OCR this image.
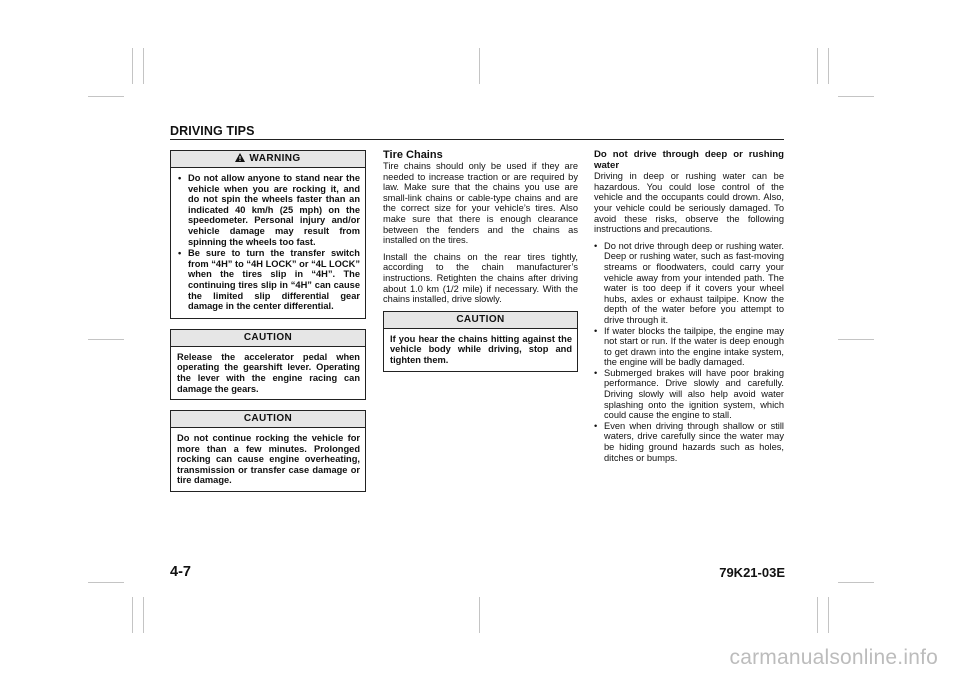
DRIVING TIPS
WARNING
• Do not allow anyone to stand near the vehicle when you are rocking it, and do not spin the wheels faster than an indicated 40 km/h (25 mph) on the speedometer. Personal injury and/or vehicle damage may result from spinning the wheels too fast.
• Be sure to turn the transfer switch from “4H” to “4H LOCK” or “4L LOCK” when the tires slip in “4H”. The continuing tires slip in “4H” can cause the limited slip differential gear damage in the center differential.
CAUTION
Release the accelerator pedal when operating the gearshift lever. Operating the lever with the engine racing can damage the gears.
CAUTION
Do not continue rocking the vehicle for more than a few minutes. Prolonged rocking can cause engine overheating, transmission or transfer case damage or tire damage.
Tire Chains

Tire chains should only be used if they are needed to increase traction or are required by law. Make sure that the chains you use are small-link chains or cable-type chains and are the correct size for your vehicle’s tires. Also make sure that there is enough clearance between the fenders and the chains as installed on the tires.

Install the chains on the rear tires tightly, according to the chain manufacturer’s instructions. Retighten the chains after driving about 1.0 km (1/2 mile) if necessary. With the chains installed, drive slowly.

CAUTION
If you hear the chains hitting against the vehicle body while driving, stop and tighten them.
Do not drive through deep or rushing water

Driving in deep or rushing water can be hazardous. You could lose control of the vehicle and the occupants could drown. Also, your vehicle could be seriously damaged. To avoid these risks, observe the following instructions and precautions.

• Do not drive through deep or rushing water. Deep or rushing water, such as fast-moving streams or floodwaters, could carry your vehicle away from your intended path. The water is too deep if it covers your wheel hubs, axles or exhaust tailpipe. Know the depth of the water before you attempt to drive through it.
• If water blocks the tailpipe, the engine may not start or run. If the water is deep enough to get drawn into the engine intake system, the engine will be badly damaged.
• Submerged brakes will have poor braking performance. Drive slowly and carefully. Driving slowly will also help avoid water splashing onto the ignition system, which could cause the engine to stall.
• Even when driving through shallow or still waters, drive carefully since the water may be hiding ground hazards such as holes, ditches or bumps.
4-7	79K21-03E
carmanualsonline.info
